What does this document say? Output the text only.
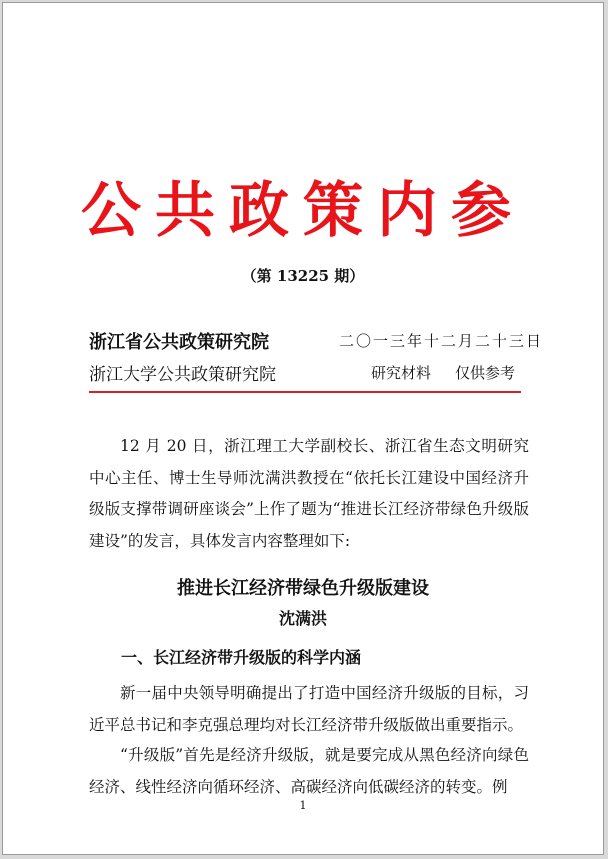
公共政策内参
（第 13225 期）
浙江省公共政策研究院	二〇一三年十二月二十三日
浙江大学公共政策研究院	研究材料 仅供参考
12 月 20 日，浙江理工大学副校长、浙江省生态文明研究中心主任、博士生导师沈满洪教授在“依托长江建设中国经济升级版支撑带调研座谈会”上作了题为“推进长江经济带绿色升级版建设”的发言，具体发言内容整理如下:
推进长江经济带绿色升级版建设
沈满洪
一、长江经济带升级版的科学内涵
新一届中央领导明确提出了打造中国经济升级版的目标，习近平总书记和李克强总理均对长江经济带升级版做出重要指示。
“升级版”首先是经济升级版，就是要完成从黑色经济向绿色经济、线性经济向循环经济、高碳经济向低碳经济的转变。例
1
